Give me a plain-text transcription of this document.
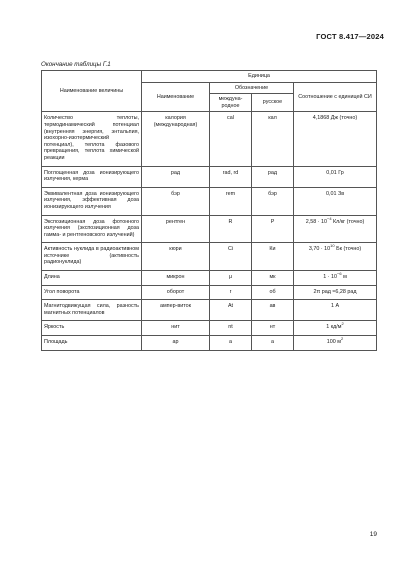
ГОСТ 8.417—2024
Окончание таблицы Г.1
Наименование величины	Единица			
	Наименование	Обозначение		Соотношение с единицей СИ
		междуна-родное	русское	
Количество теплоты, термодинамический потенциал (внутренняя энергия, энтальпия, изохорно-изотермический потенциал), теплота фазового превращения, теплота химической реакции	калория (международная)	cal	кал	4,1868 Дж (точно)
Поглощенная доза ионизирующего излучения, керма	рад	rad, rd	рад	0,01 Гр
Эквивалентная доза ионизирующего излучения, эффективная доза ионизирующего излучения	бэр	rem	бэр	0,01 Зв
Экспозиционная доза фотонного излучения (экспозиционная доза гамма- и рентгеновского излучений)	рентген	R	Р	$2,58 \cdot 10^{-4}$ Кл/кг (точно)
Активность нуклида в радиоактивном источнике (активность радионуклида)	кюри	Ci	Ки	$3,70 \cdot 10^{10}$ Бк (точно)
Длина	микрон	μ	мк	$1 \cdot 10^{-6}$ м
Угол поворота	оборот	r	об	2π рад ≈6,28 рад
Магнитодвижущая сила, разность магнитных потенциалов	ампер-виток	At	ав	1 А
Яркость	нит	nt	нт	1 $кд/м^2$
Площадь	ар	a	а	100 $м^2$
19
